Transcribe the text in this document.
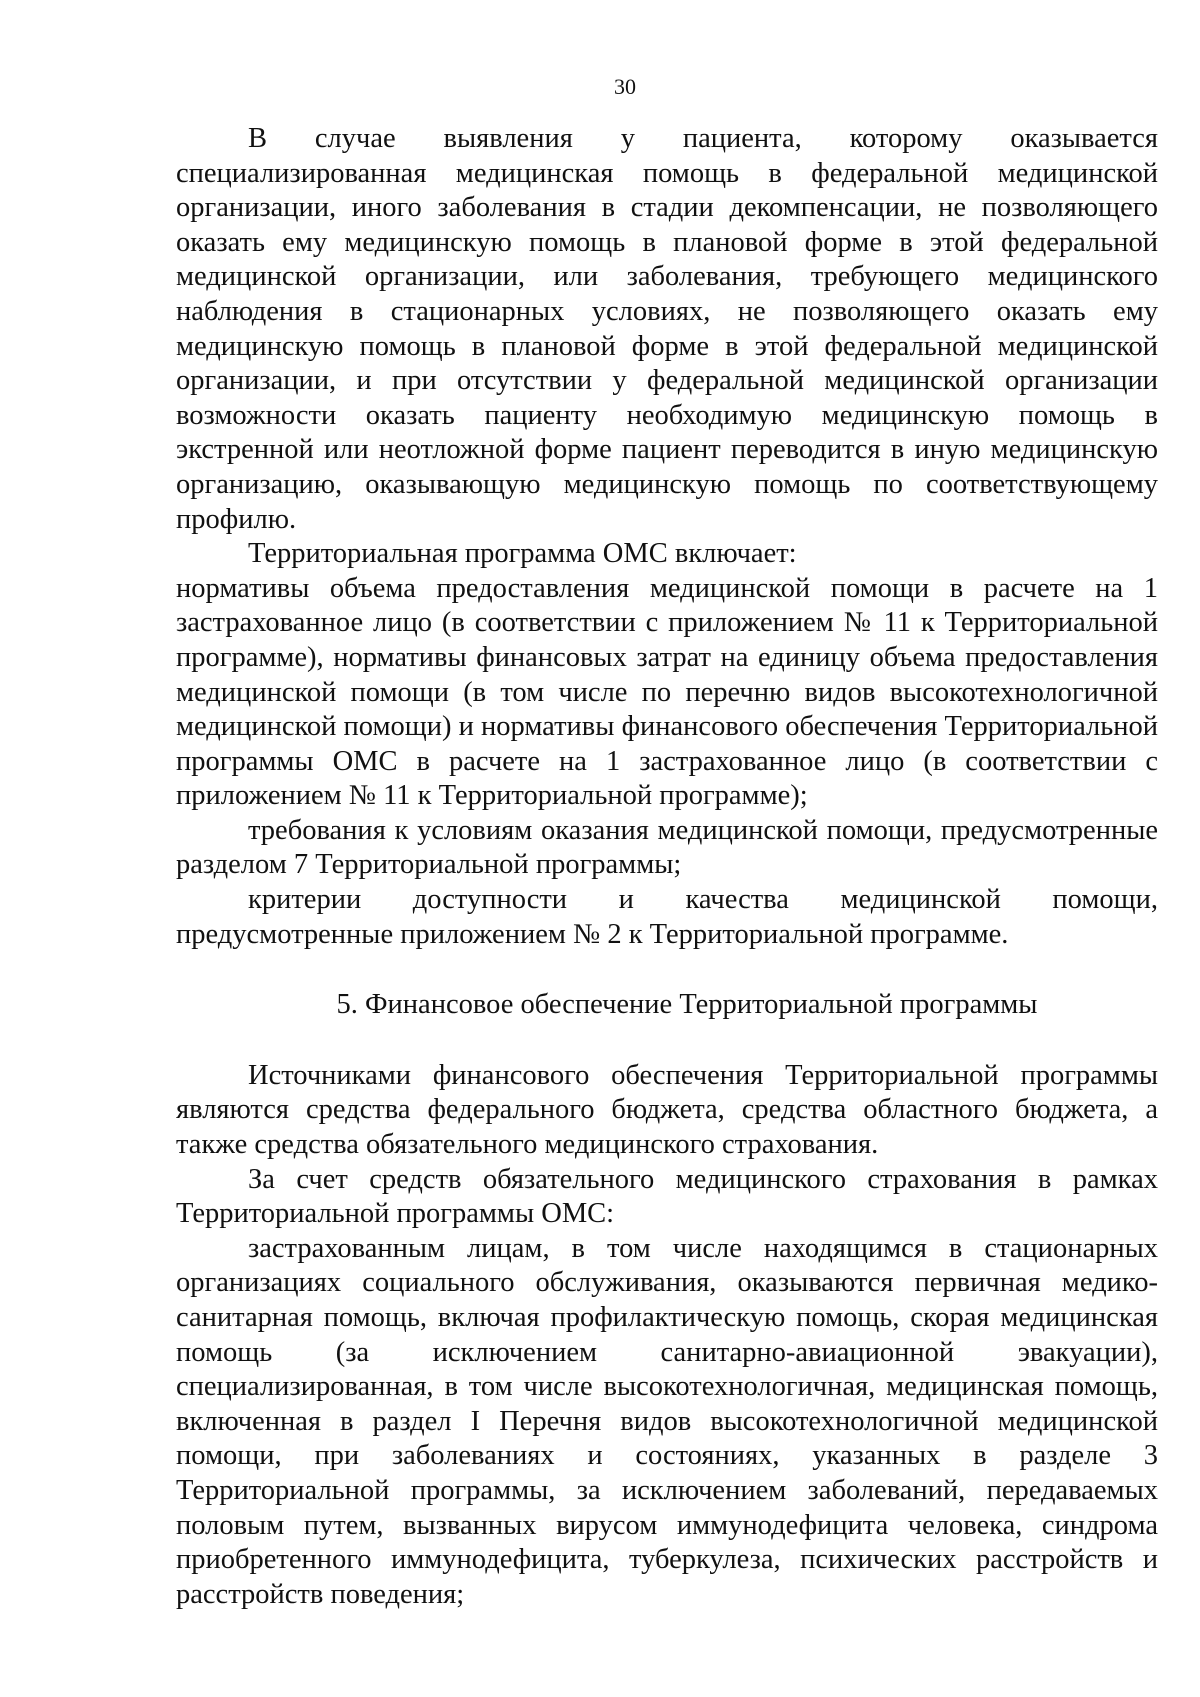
30

В случае выявления у пациента, которому оказывается специализированная медицинская помощь в федеральной медицинской организации, иного заболевания в стадии декомпенсации, не позволяющего оказать ему медицинскую помощь в плановой форме в этой федеральной медицинской организации, или заболевания, требующего медицинского наблюдения в стационарных условиях, не позволяющего оказать ему медицинскую помощь в плановой форме в этой федеральной медицинской организации, и при отсутствии у федеральной медицинской организации возможности оказать пациенту необходимую медицинскую помощь в экстренной или неотложной форме пациент переводится в иную медицинскую организацию, оказывающую медицинскую помощь по соответствующему профилю.

Территориальная программа ОМС включает:

нормативы объема предоставления медицинской помощи в расчете на 1 застрахованное лицо (в соответствии с приложением № 11 к Территориальной программе), нормативы финансовых затрат на единицу объема предоставления медицинской помощи (в том числе по перечню видов высокотехнологичной медицинской помощи) и нормативы финансового обеспечения Территориальной программы ОМС в расчете на 1 застрахованное лицо (в соответствии с приложением № 11 к Территориальной программе);

требования к условиям оказания медицинской помощи, предусмотренные разделом 7 Территориальной программы;

критерии доступности и качества медицинской помощи, предусмотренные приложением № 2 к Территориальной программе.

5. Финансовое обеспечение Территориальной программы

Источниками финансового обеспечения Территориальной программы являются средства федерального бюджета, средства областного бюджета, а также средства обязательного медицинского страхования.

За счет средств обязательного медицинского страхования в рамках Территориальной программы ОМС:

застрахованным лицам, в том числе находящимся в стационарных организациях социального обслуживания, оказываются первичная медико-санитарная помощь, включая профилактическую помощь, скорая медицинская помощь (за исключением санитарно-авиационной эвакуации), специализированная, в том числе высокотехнологичная, медицинская помощь, включенная в раздел I Перечня видов высокотехнологичной медицинской помощи, при заболеваниях и состояниях, указанных в разделе 3 Территориальной программы, за исключением заболеваний, передаваемых половым путем, вызванных вирусом иммунодефицита человека, синдрома приобретенного иммунодефицита, туберкулеза, психических расстройств и расстройств поведения;
